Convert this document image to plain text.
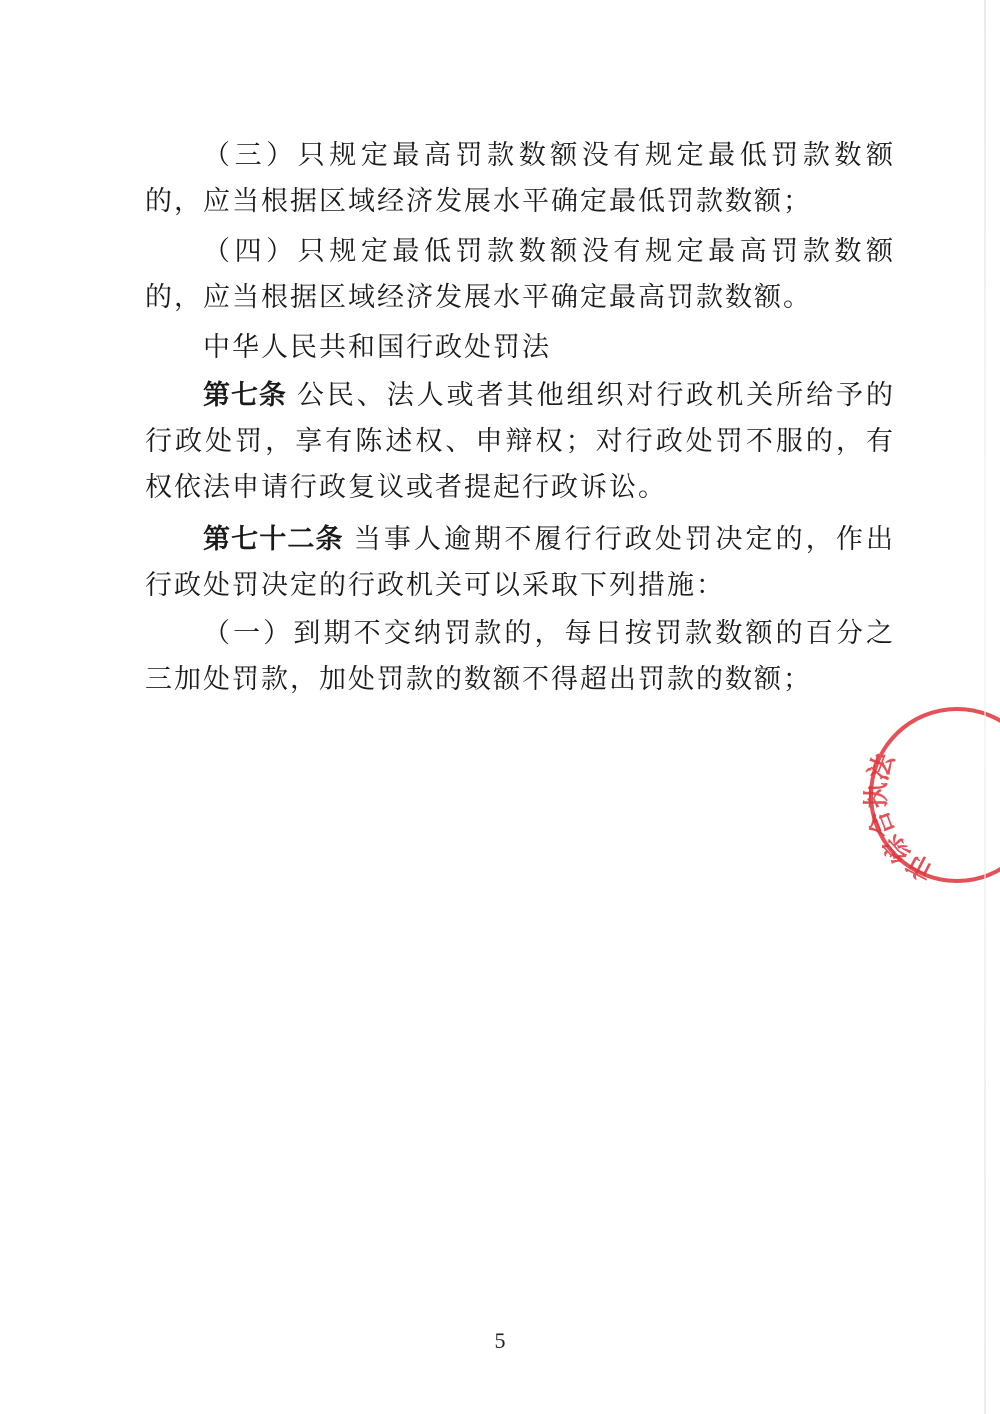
（三）只规定最高罚款数额没有规定最低罚款数额的，应当根据区域经济发展水平确定最低罚款数额；

（四）只规定最低罚款数额没有规定最高罚款数额的，应当根据区域经济发展水平确定最高罚款数额。

中华人民共和国行政处罚法

第七条 公民、法人或者其他组织对行政机关所给予的行政处罚，享有陈述权、申辩权；对行政处罚不服的，有权依法申请行政复议或者提起行政诉讼。

第七十二条 当事人逾期不履行行政处罚决定的，作出行政处罚决定的行政机关可以采取下列措施：

（一）到期不交纳罚款的，每日按罚款数额的百分之三加处罚款，加处罚款的数额不得超出罚款的数额；

市综合执法
5
